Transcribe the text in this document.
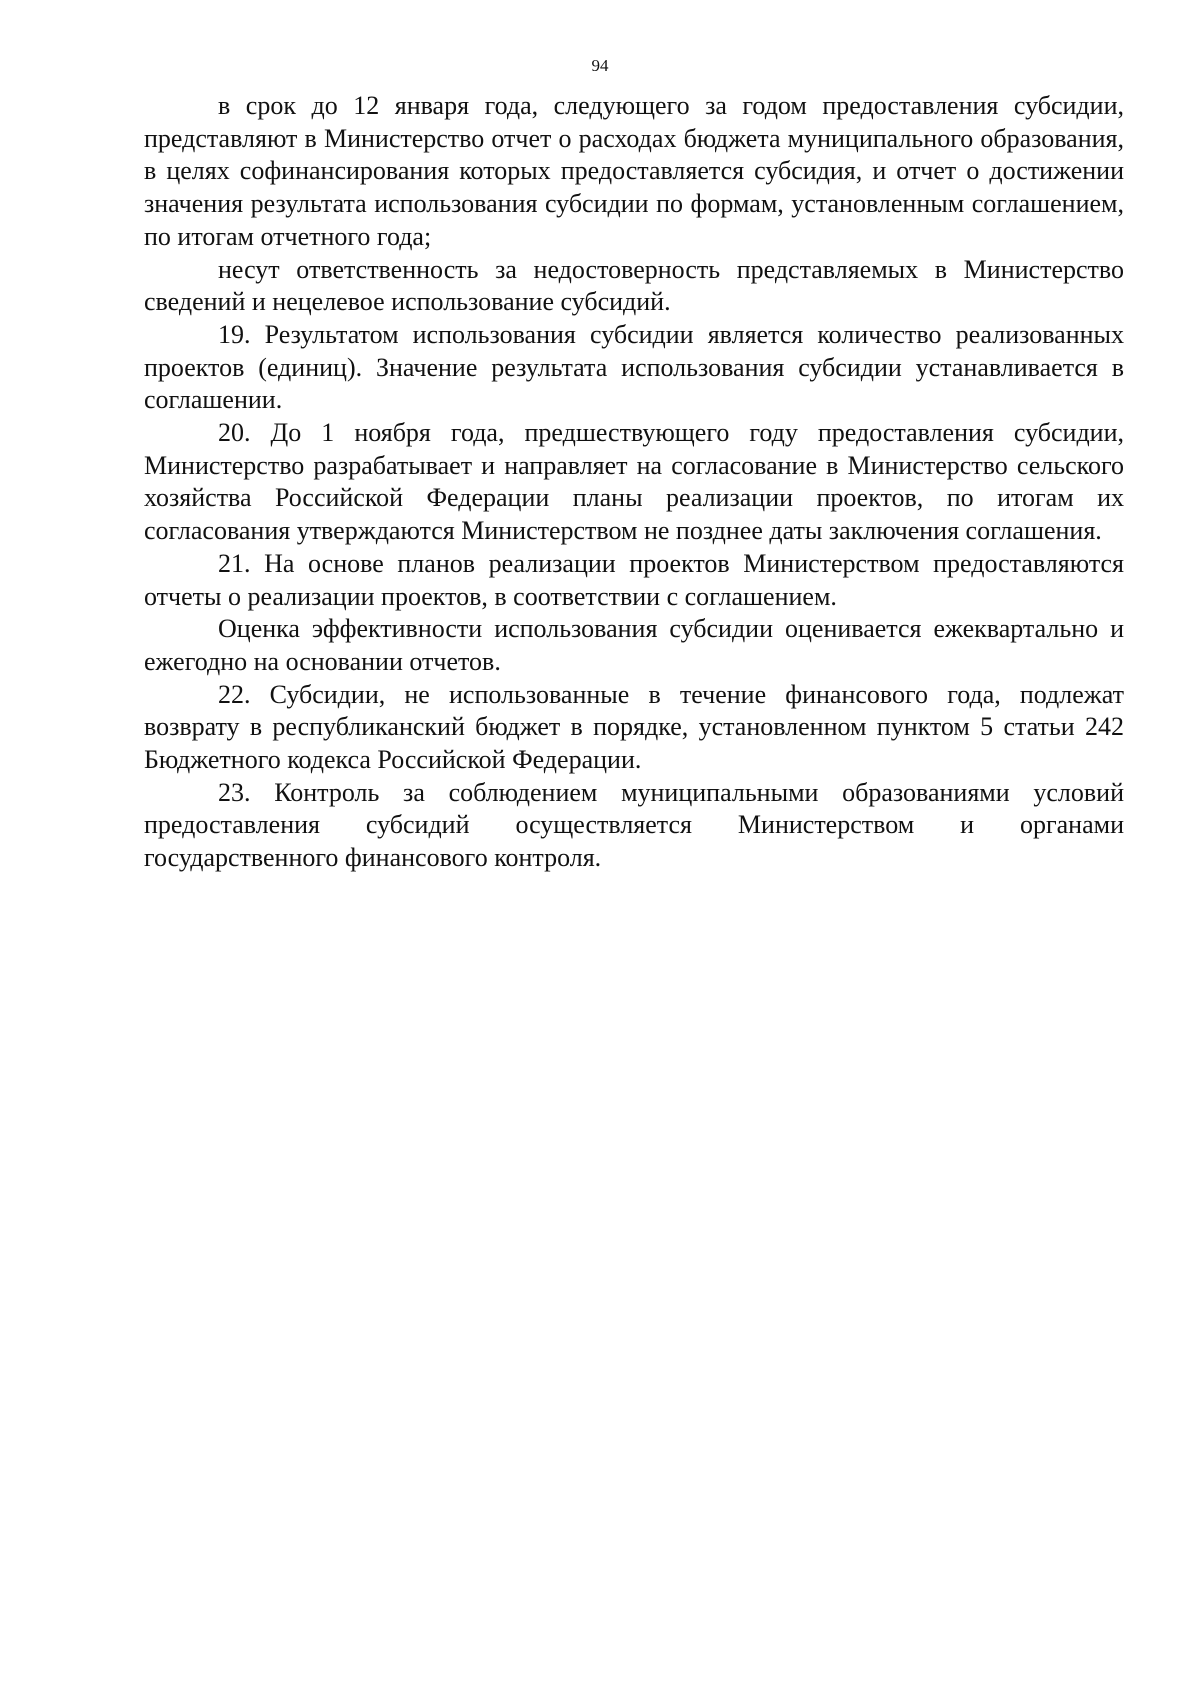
94

в срок до 12 января года, следующего за годом предоставления субсидии, представляют в Министерство отчет о расходах бюджета муниципального образования, в целях софинансирования которых предоставляется субсидия, и отчет о достижении значения результата использования субсидии по формам, установленным соглашением, по итогам отчетного года;

несут ответственность за недостоверность представляемых в Министерство сведений и нецелевое использование субсидий.

19. Результатом использования субсидии является количество реализованных проектов (единиц). Значение результата использования субсидии устанавливается в соглашении.

20. До 1 ноября года, предшествующего году предоставления субсидии, Министерство разрабатывает и направляет на согласование в Министерство сельского хозяйства Российской Федерации планы реализации проектов, по итогам их согласования утверждаются Министерством не позднее даты заключения соглашения.

21. На основе планов реализации проектов Министерством предоставляются отчеты о реализации проектов, в соответствии с соглашением.

Оценка эффективности использования субсидии оценивается ежеквартально и ежегодно на основании отчетов.

22. Субсидии, не использованные в течение финансового года, подлежат возврату в республиканский бюджет в порядке, установленном пунктом 5 статьи 242 Бюджетного кодекса Российской Федерации.

23. Контроль за соблюдением муниципальными образованиями условий предоставления субсидий осуществляется Министерством и органами государственного финансового контроля.
